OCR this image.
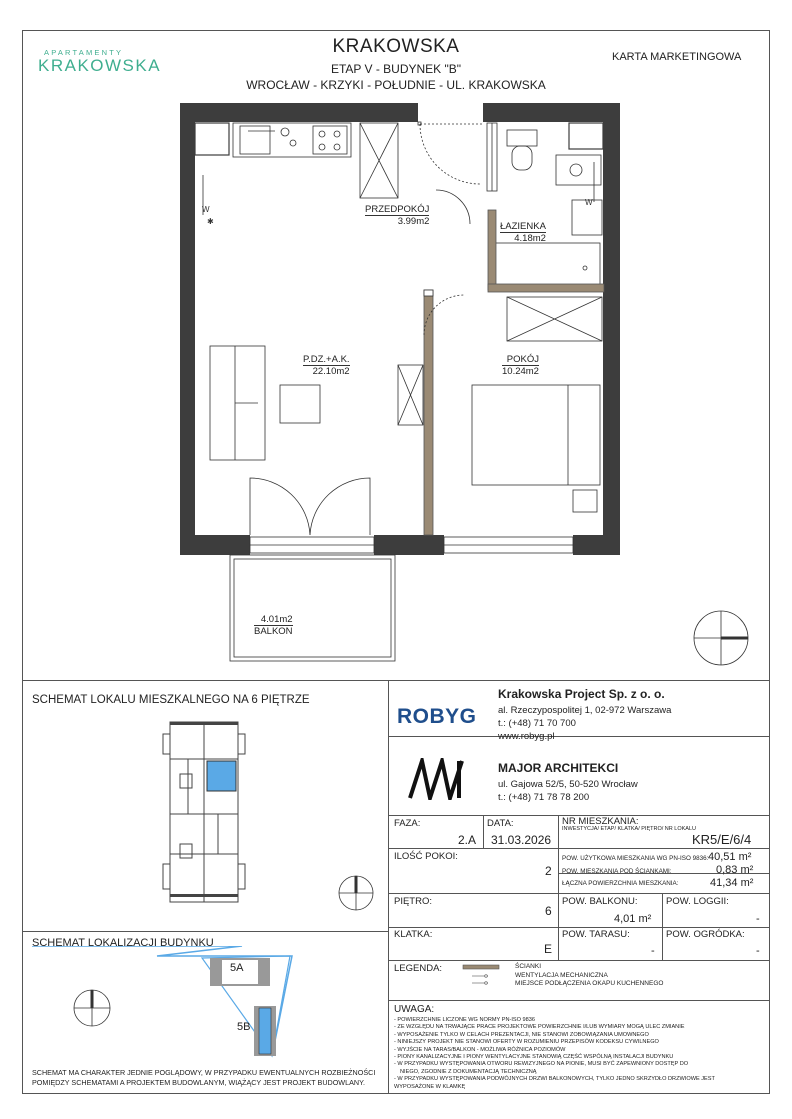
APARTAMENTY
KRAKOWSKA
KRAKOWSKA
ETAP V - BUDYNEK "B"
WROCŁAW - KRZYKI - POŁUDNIE - UL. KRAKOWSKA
KARTA MARKETINGOWA
W
W
✱
PRZEDPOKÓJ
3.99m2	ŁAZIENKA
4.18m2
P.DZ.+A.K.
22.10m2
POKÓJ
10.24m2
4.01m2
BALKON
SCHEMAT LOKALU MIESZKALNEGO NA 6 PIĘTRZE
SCHEMAT LOKALIZACJI BUDYNKU
5A
5B
SCHEMAT MA CHARAKTER JEDNIE POGLĄDOWY, W PRZYPADKU EWENTUALNYCH ROZBIEŻNOŚCI
POMIĘDZY SCHEMATAMI A PROJEKTEM BUDOWLANYM, WIĄŻĄCY JEST PROJEKT BUDOWLANY.
ROBYG
Krakowska Project Sp. z o. o.
al. Rzeczypospolitej 1, 02-972 Warszawa
t.: (+48) 71 70 700
www.robyg.pl
MAJOR ARCHITEKCI
ul. Gajowa 52/5, 50-520 Wrocław
t.: (+48) 71 78 78 200
FAZA:
2.A
DATA:
31.03.2026
NR MIESZKANIA:
INWESTYCJA/ ETAP/ KLATKA/ PIĘTRO/ NR LOKALU
KR5/E/6/4
ILOŚĆ POKOI:
2
POW. UŻYTKOWA MIESZKANIA WG PN-ISO 9836: 40,51 m²
POW. MIESZKANIA POD ŚCIANKAMI:	0,83 m²
ŁĄCZNA POWIERZCHNIA MIESZKANIA:	41,34 m²
PIĘTRO:
6
POW. BALKONU:
4,01 m²
POW. LOGGII:
-
KLATKA:
E
POW. TARASU:
-
POW. OGRÓDKA:
-
LEGENDA:	ŚCIANKI
WENTYLACJA MECHANICZNA
MIEJSCE PODŁĄCZENIA OKAPU KUCHENNEGO
UWAGA:
- POWIERZCHNIE LICZONE WG NORMY PN-ISO 9836
- ZE WZGLĘDU NA TRWAJĄCE PRACE PROJEKTOWE POWIERZCHNIE I/LUB WYMIARY MOGĄ ULEC ZMIANIE
- WYPOSAŻENIE TYLKO W CELACH PREZENTACJI, NIE STANOWI ZOBOWIĄZANIA UMOWNEGO
- NINIEJSZY PROJEKT NIE STANOWI OFERTY W ROZUMIENIU PRZEPISÓW KODEKSU CYWILNEGO
- WYJŚCIE NA TARAS/BALKON - MOŻLIWA RÓŻNICA POZIOMÓW
- PIONY KANALIZACYJNE I PIONY WENTYLACYJNE STANOWIĄ CZĘŚĆ WSPÓLNĄ INSTALACJI BUDYNKU
- W PRZYPADKU WYSTĘPOWANIA OTWORU REWIZYJNEGO NA PIONIE, MUSI BYĆ ZAPEWNIONY DOSTĘP DO
NIEGO, ZGODNIE Z DOKUMENTACJĄ TECHNICZNĄ
- W PRZYPADKU WYSTĘPOWANIA PODWÓJNYCH DRZWI BALKONOWYCH, TYLKO JEDNO SKRZYDŁO DRZWIOWE JEST
WYPOSAŻONE W KLAMKĘ
